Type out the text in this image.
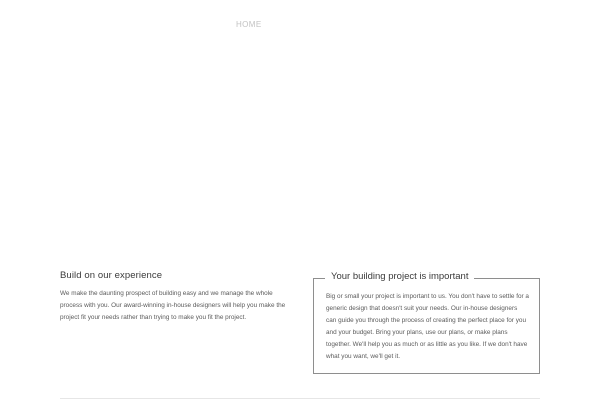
HOME
Build on our experience

We make the daunting prospect of building easy and we manage the whole process with you. Our award-winning in-house designers will help you make the project fit your needs rather than trying to make you fit the project.

Your building project is important

Big or small your project is important to us. You don't have to settle for a generic design that doesn't suit your needs. Our in-house designers can guide you through the process of creating the perfect place for you and your budget. Bring your plans, use our plans, or make plans together. We'll help you as much or as little as you like. If we don't have what you want, we'll get it.
